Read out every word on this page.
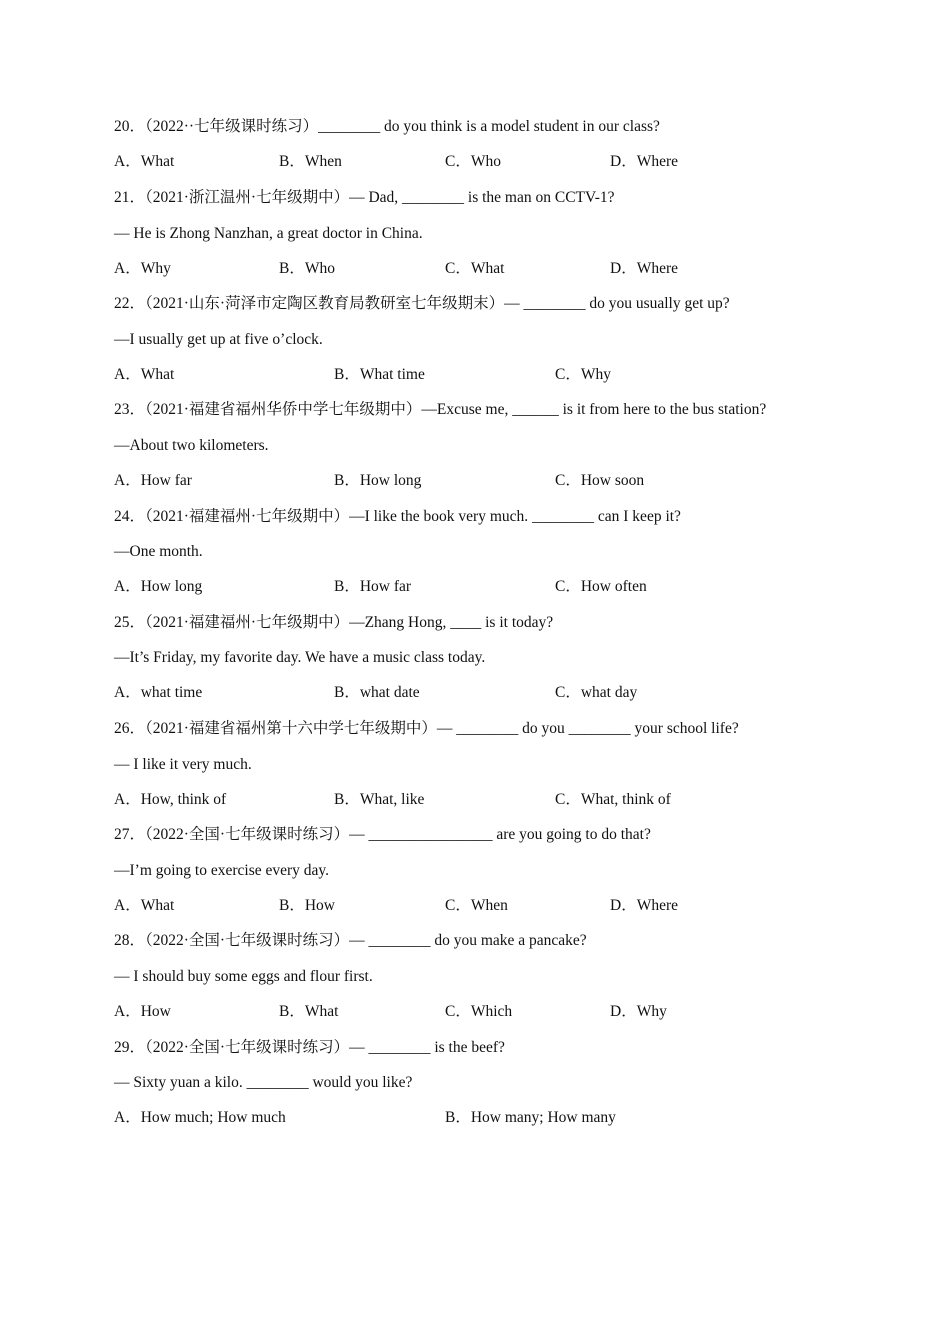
20．（2022··七年级课时练习）________ do you think is a model student in our class?
A．What	B．When	C．Who	D．Where
21．（2021·浙江温州·七年级期中）— Dad, ________ is the man on CCTV-1?
— He is Zhong Nanzhan, a great doctor in China.
A．Why	B．Who	C．What	D．Where
22．（2021·山东·菏泽市定陶区教育局教研室七年级期末）— ________ do you usually get up?
—I usually get up at five o’clock.
A．What	B．What time	C．Why
23．（2021·福建省福州华侨中学七年级期中）—Excuse me, ______ is it from here to the bus station?
—About two kilometers.
A．How far	B．How long	C．How soon
24．（2021·福建福州·七年级期中）—I like the book very much. ________ can I keep it?
—One month.
A．How long	B．How far	C．How often
25．（2021·福建福州·七年级期中）—Zhang Hong, ____ is it today?
—It’s Friday, my favorite day. We have a music class today.
A．what time	B．what date	C．what day
26．（2021·福建省福州第十六中学七年级期中）— ________ do you ________ your school life?
— I like it very much.
A．How, think of	B．What, like	C．What, think of
27．（2022·全国·七年级课时练习）— ________________ are you going to do that?
—I’m going to exercise every day.
A．What	B．How	C．When	D．Where
28．（2022·全国·七年级课时练习）— ________ do you make a pancake?
— I should buy some eggs and flour first.
A．How	B．What	C．Which	D．Why
29．（2022·全国·七年级课时练习）— ________ is the beef?
— Sixty yuan a kilo. ________ would you like?
A．How much; How much	B．How many; How many
